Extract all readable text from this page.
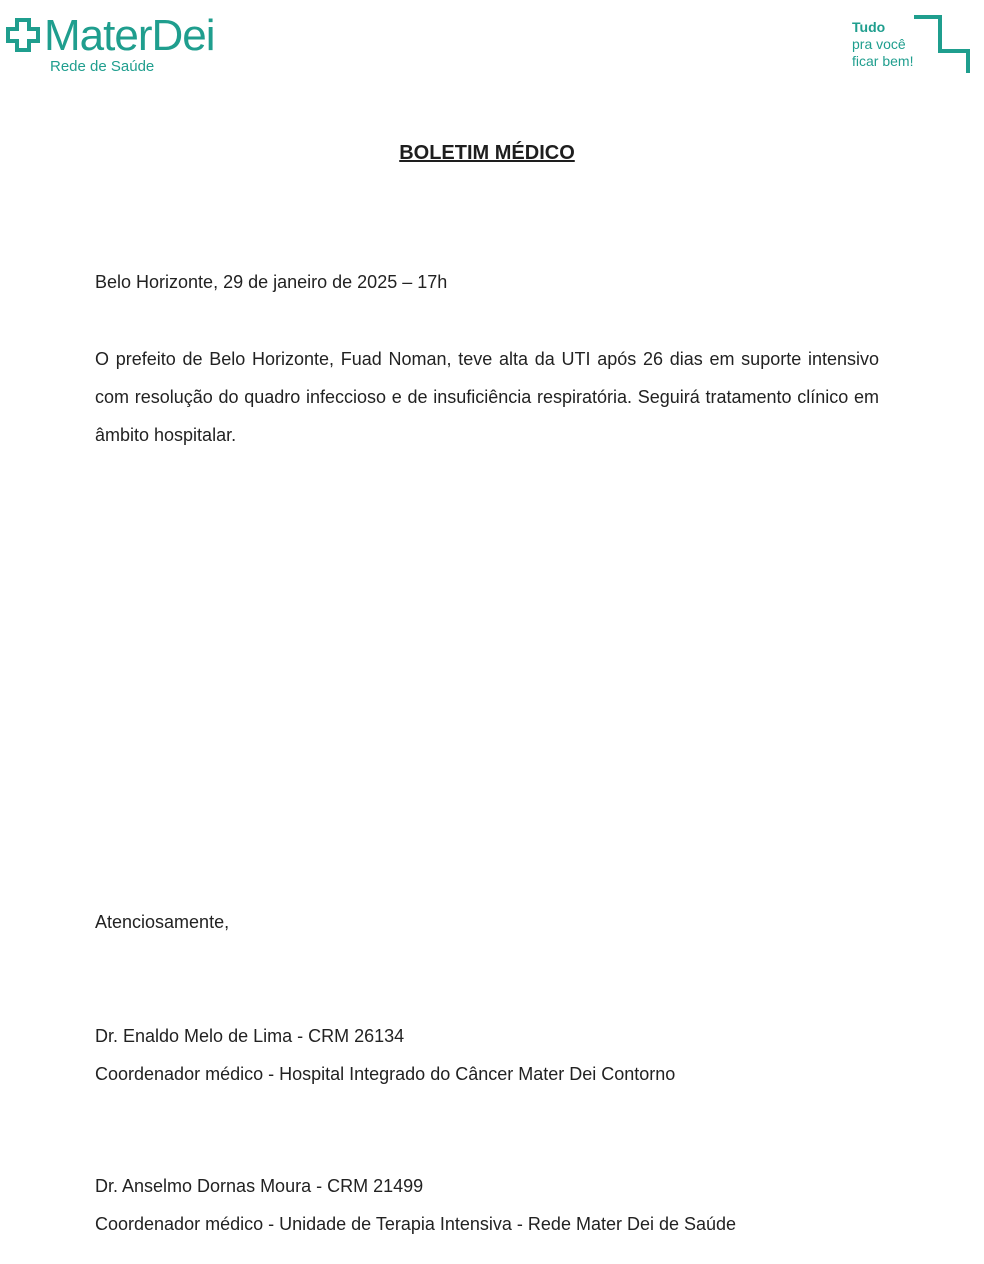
MaterDei
Rede de Saúde
Tudo
pra você
ficar bem!
BOLETIM MÉDICO
Belo Horizonte, 29 de janeiro de 2025 – 17h
O prefeito de Belo Horizonte, Fuad Noman, teve alta da UTI após 26 dias em suporte intensivo com resolução do quadro infeccioso e de insuficiência respiratória. Seguirá tratamento clínico em âmbito hospitalar.
Atenciosamente,
Dr. Enaldo Melo de Lima - CRM 26134
Coordenador médico - Hospital Integrado do Câncer Mater Dei Contorno
Dr. Anselmo Dornas Moura - CRM 21499
Coordenador médico - Unidade de Terapia Intensiva - Rede Mater Dei de Saúde
